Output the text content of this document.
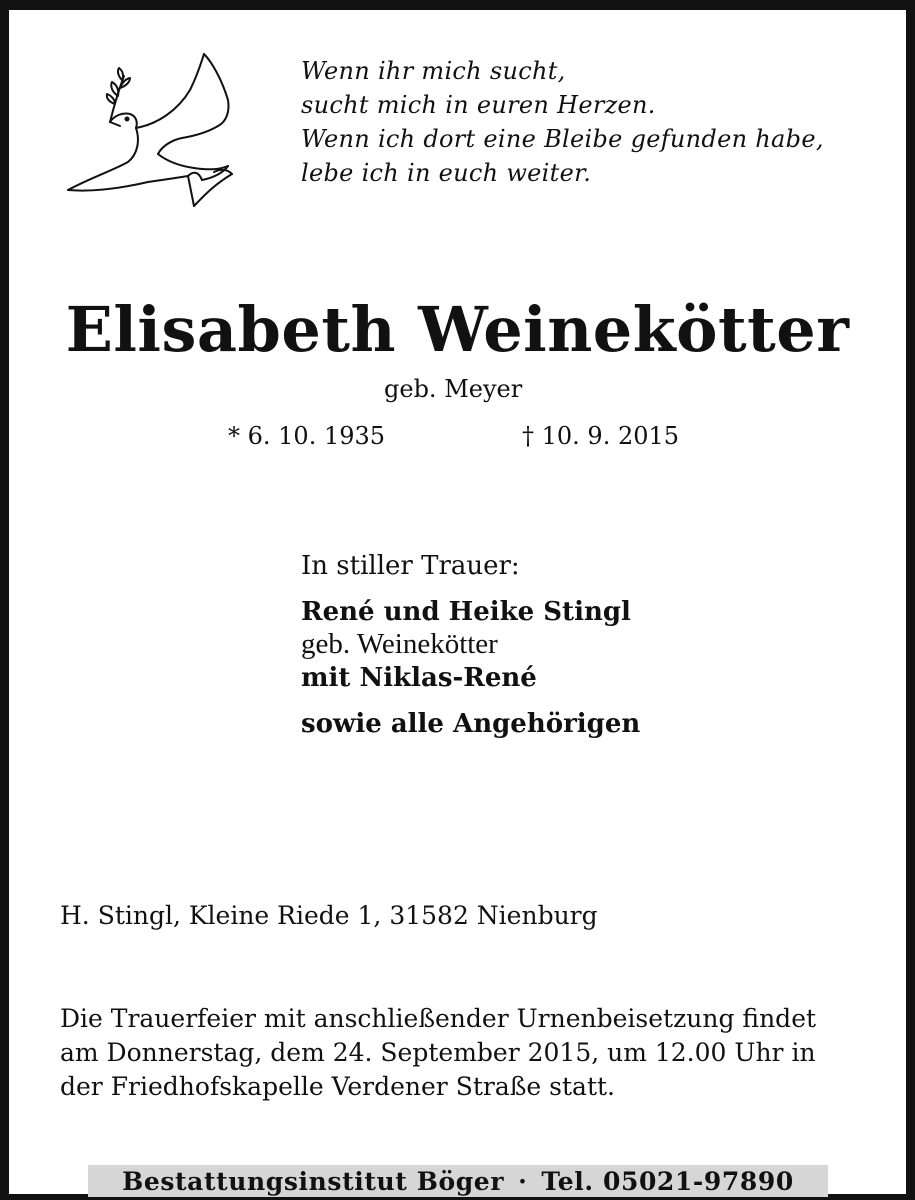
Wenn ihr mich sucht,
sucht mich in euren Herzen.
Wenn ich dort eine Bleibe gefunden habe,
lebe ich in euch weiter.
Elisabeth Weinekötter
geb. Meyer
* 6. 10. 1935	† 10. 9. 2015
In stiller Trauer:
René und Heike Stingl
geb. Weinekötter
mit Niklas-René
sowie alle Angehörigen
H. Stingl, Kleine Riede 1, 31582 Nienburg
Die Trauerfeier mit anschließender Urnenbeisetzung findet
am Donnerstag, dem 24. September 2015, um 12.00 Uhr in
der Friedhofskapelle Verdener Straße statt.
Bestattungsinstitut Böger · Tel. 05021-97890
